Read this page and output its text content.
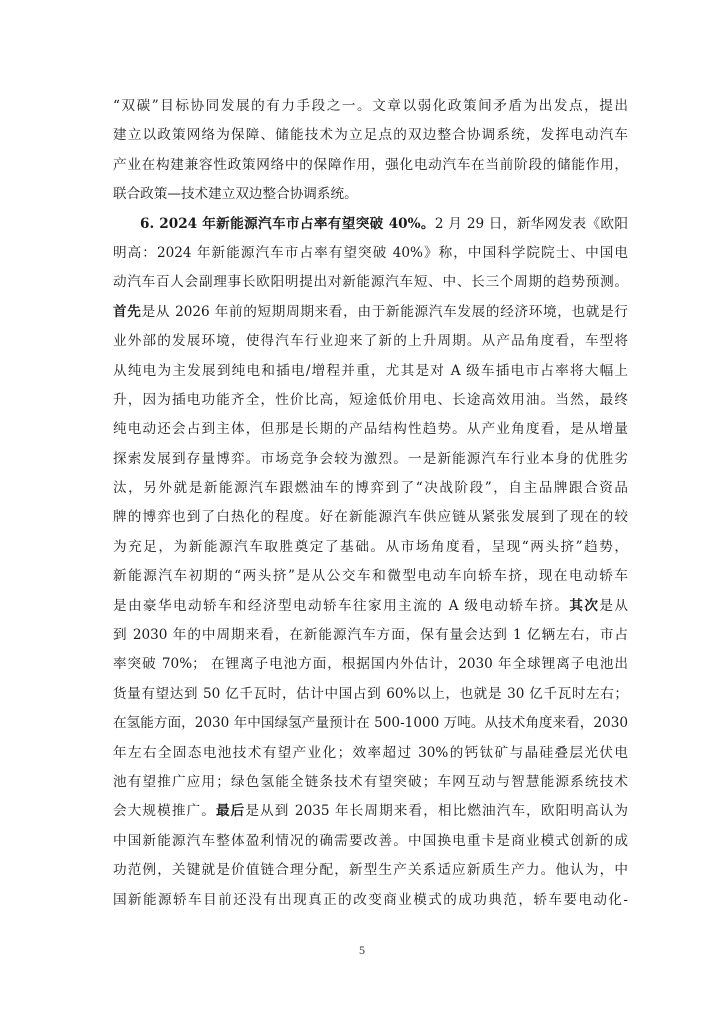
“双碳”目标协同发展的有力手段之一。文章以弱化政策间矛盾为出发点，提出
建立以政策网络为保障、储能技术为立足点的双边整合协调系统，发挥电动汽车
产业在构建兼容性政策网络中的保障作用，强化电动汽车在当前阶段的储能作用，
联合政策—技术建立双边整合协调系统。
6. 2024 年新能源汽车市占率有望突破 40%。2 月 29 日，新华网发表《欧阳
明高：2024 年新能源汽车市占率有望突破 40%》称，中国科学院院士、中国电
动汽车百人会副理事长欧阳明提出对新能源汽车短、中、长三个周期的趋势预测。
首先是从 2026 年前的短期周期来看，由于新能源汽车发展的经济环境，也就是行
业外部的发展环境，使得汽车行业迎来了新的上升周期。从产品角度看，车型将
从纯电为主发展到纯电和插电/增程并重，尤其是对 A 级车插电市占率将大幅上
升，因为插电功能齐全，性价比高，短途低价用电、长途高效用油。当然，最终
纯电动还会占到主体，但那是长期的产品结构性趋势。从产业角度看，是从增量
探索发展到存量博弈。市场竞争会较为激烈。一是新能源汽车行业本身的优胜劣
汰，另外就是新能源汽车跟燃油车的博弈到了“决战阶段”，自主品牌跟合资品
牌的博弈也到了白热化的程度。好在新能源汽车供应链从紧张发展到了现在的较
为充足，为新能源汽车取胜奠定了基础。从市场角度看，呈现“两头挤”趋势，
新能源汽车初期的“两头挤”是从公交车和微型电动车向轿车挤，现在电动轿车
是由豪华电动轿车和经济型电动轿车往家用主流的 A 级电动轿车挤。其次是从
到 2030 年的中周期来看，在新能源汽车方面，保有量会达到 1 亿辆左右，市占
率突破 70%； 在锂离子电池方面，根据国内外估计，2030 年全球锂离子电池出
货量有望达到 50 亿千瓦时，估计中国占到 60%以上，也就是 30 亿千瓦时左右；
在氢能方面，2030 年中国绿氢产量预计在 500-1000 万吨。从技术角度来看，2030
年左右全固态电池技术有望产业化；效率超过 30%的钙钛矿与晶硅叠层光伏电
池有望推广应用；绿色氢能全链条技术有望突破；车网互动与智慧能源系统技术
会大规模推广。最后是从到 2035 年长周期来看，相比燃油汽车，欧阳明高认为
中国新能源汽车整体盈利情况的确需要改善。中国换电重卡是商业模式创新的成
功范例，关键就是价值链合理分配，新型生产关系适应新质生产力。他认为，中
国新能源轿车目前还没有出现真正的改变商业模式的成功典范，轿车要电动化-
5
